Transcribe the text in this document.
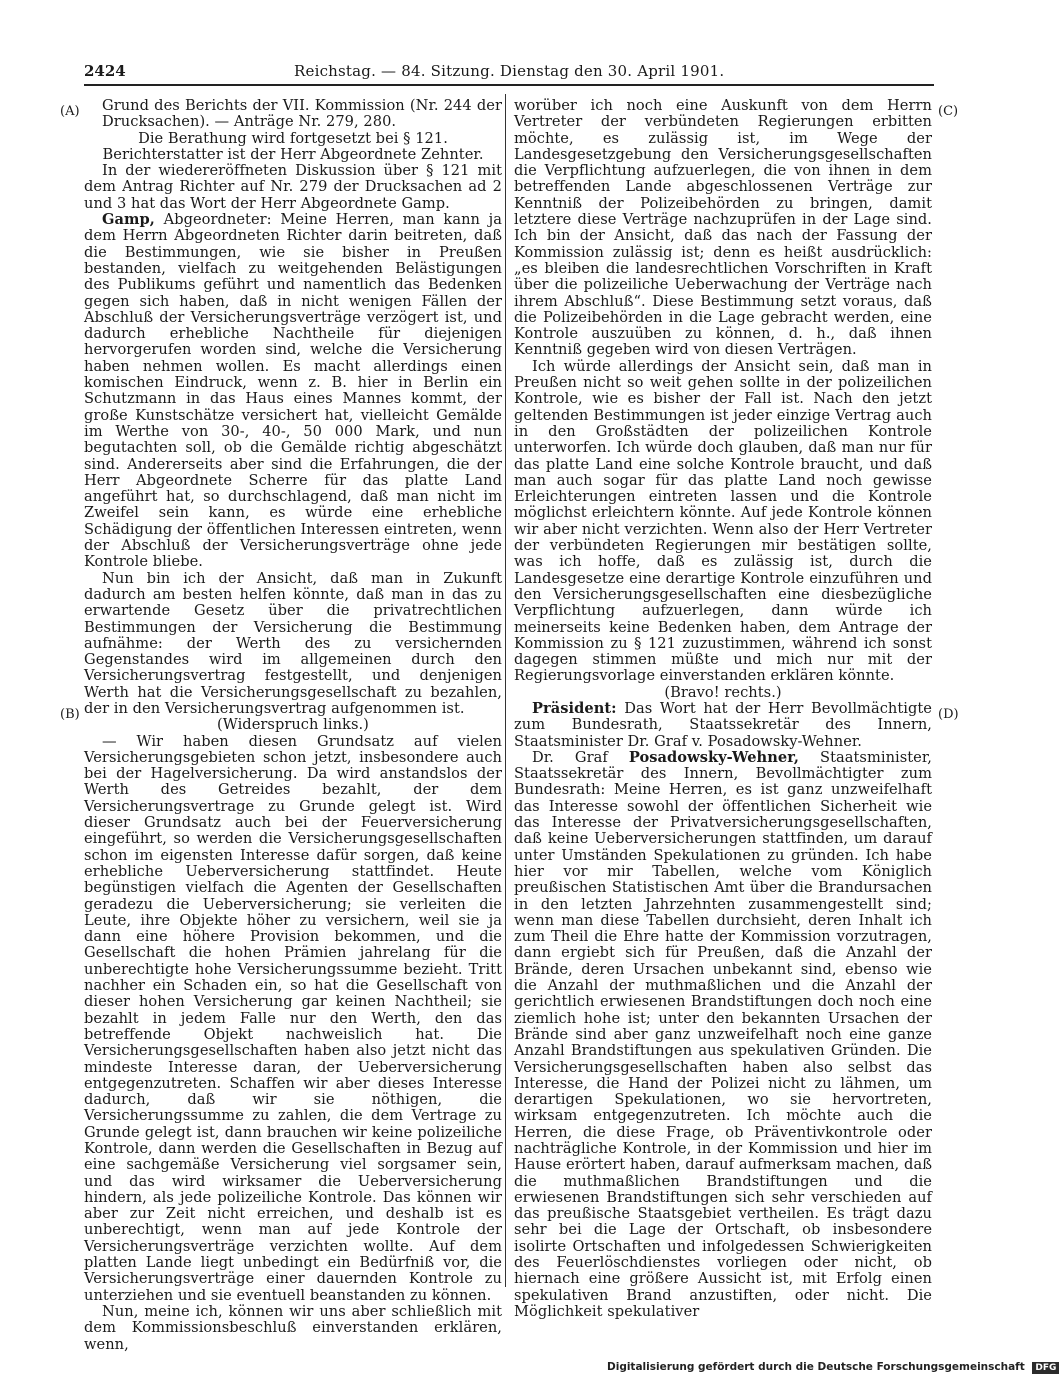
2424	Reichstag. — 84. Sitzung. Dienstag den 30. April 1901.
(A)
(B)
(C)
(D)

Grund des Berichts der VII. Kommission (Nr. 244 der Drucksachen). — Anträge Nr. 279, 280.

Die Berathung wird fortgesetzt bei § 121.

Berichterstatter ist der Herr Abgeordnete Zehnter.

In der wiedereröffneten Diskussion über § 121 mit dem Antrag Richter auf Nr. 279 der Drucksachen ad 2 und 3 hat das Wort der Herr Abgeordnete Gamp.

Gamp, Abgeordneter: Meine Herren, man kann ja dem Herrn Abgeordneten Richter darin beitreten, daß die Bestimmungen, wie sie bisher in Preußen bestanden, vielfach zu weitgehenden Belästigungen des Publikums geführt und namentlich das Bedenken gegen sich haben, daß in nicht wenigen Fällen der Abschluß der Versicherungsverträge verzögert ist, und dadurch erhebliche Nachtheile für diejenigen hervorgerufen worden sind, welche die Versicherung haben nehmen wollen. Es macht allerdings einen komischen Eindruck, wenn z. B. hier in Berlin ein Schutzmann in das Haus eines Mannes kommt, der große Kunstschätze versichert hat, vielleicht Gemälde im Werthe von 30-, 40-, 50 000 Mark, und nun begutachten soll, ob die Gemälde richtig abgeschätzt sind. Andererseits aber sind die Erfahrungen, die der Herr Abgeordnete Scherre für das platte Land angeführt hat, so durchschlagend, daß man nicht im Zweifel sein kann, es würde eine erhebliche Schädigung der öffentlichen Interessen eintreten, wenn der Abschluß der Versicherungsverträge ohne jede Kontrole bliebe.

Nun bin ich der Ansicht, daß man in Zukunft dadurch am besten helfen könnte, daß man in das zu erwartende Gesetz über die privatrechtlichen Bestimmungen der Versicherung die Bestimmung aufnähme: der Werth des zu versichernden Gegenstandes wird im allgemeinen durch den Versicherungsvertrag festgestellt, und denjenigen Werth hat die Versicherungsgesellschaft zu bezahlen, der in den Versicherungsvertrag aufgenommen ist.

(Widerspruch links.)

— Wir haben diesen Grundsatz auf vielen Versicherungsgebieten schon jetzt, insbesondere auch bei der Hagelversicherung. Da wird anstandslos der Werth des Getreides bezahlt, der dem Versicherungsvertrage zu Grunde gelegt ist. Wird dieser Grundsatz auch bei der Feuerversicherung eingeführt, so werden die Versicherungsgesellschaften schon im eigensten Interesse dafür sorgen, daß keine erhebliche Ueberversicherung stattfindet. Heute begünstigen vielfach die Agenten der Gesellschaften geradezu die Ueberversicherung; sie verleiten die Leute, ihre Objekte höher zu versichern, weil sie ja dann eine höhere Provision bekommen, und die Gesellschaft die hohen Prämien jahrelang für die unberechtigte hohe Versicherungssumme bezieht. Tritt nachher ein Schaden ein, so hat die Gesellschaft von dieser hohen Versicherung gar keinen Nachtheil; sie bezahlt in jedem Falle nur den Werth, den das betreffende Objekt nachweislich hat. Die Versicherungsgesellschaften haben also jetzt nicht das mindeste Interesse daran, der Ueberversicherung entgegenzutreten. Schaffen wir aber dieses Interesse dadurch, daß wir sie nöthigen, die Versicherungssumme zu zahlen, die dem Vertrage zu Grunde gelegt ist, dann brauchen wir keine polizeiliche Kontrole, dann werden die Gesellschaften in Bezug auf eine sachgemäße Versicherung viel sorgsamer sein, und das wird wirksamer die Ueberversicherung hindern, als jede polizeiliche Kontrole. Das können wir aber zur Zeit nicht erreichen, und deshalb ist es unberechtigt, wenn man auf jede Kontrole der Versicherungsverträge verzichten wollte. Auf dem platten Lande liegt unbedingt ein Bedürfniß vor, die Versicherungsverträge einer dauernden Kontrole zu unterziehen und sie eventuell beanstanden zu können.

Nun, meine ich, können wir uns aber schließlich mit dem Kommissionsbeschluß einverstanden erklären, wenn,

worüber ich noch eine Auskunft von dem Herrn Vertreter der verbündeten Regierungen erbitten möchte, es zulässig ist, im Wege der Landesgesetzgebung den Versicherungsgesellschaften die Verpflichtung aufzuerlegen, die von ihnen in dem betreffenden Lande abgeschlossenen Verträge zur Kenntniß der Polizeibehörden zu bringen, damit letztere diese Verträge nachzuprüfen in der Lage sind. Ich bin der Ansicht, daß das nach der Fassung der Kommission zulässig ist; denn es heißt ausdrücklich: „es bleiben die landesrechtlichen Vorschriften in Kraft über die polizeiliche Ueberwachung der Verträge nach ihrem Abschluß“. Diese Bestimmung setzt voraus, daß die Polizeibehörden in die Lage gebracht werden, eine Kontrole auszuüben zu können, d. h., daß ihnen Kenntniß gegeben wird von diesen Verträgen.

Ich würde allerdings der Ansicht sein, daß man in Preußen nicht so weit gehen sollte in der polizeilichen Kontrole, wie es bisher der Fall ist. Nach den jetzt geltenden Bestimmungen ist jeder einzige Vertrag auch in den Großstädten der polizeilichen Kontrole unterworfen. Ich würde doch glauben, daß man nur für das platte Land eine solche Kontrole braucht, und daß man auch sogar für das platte Land noch gewisse Erleichterungen eintreten lassen und die Kontrole möglichst erleichtern könnte. Auf jede Kontrole können wir aber nicht verzichten. Wenn also der Herr Vertreter der verbündeten Regierungen mir bestätigen sollte, was ich hoffe, daß es zulässig ist, durch die Landesgesetze eine derartige Kontrole einzuführen und den Versicherungsgesellschaften eine diesbezügliche Verpflichtung aufzuerlegen, dann würde ich meinerseits keine Bedenken haben, dem Antrage der Kommission zu § 121 zuzustimmen, während ich sonst dagegen stimmen müßte und mich nur mit der Regierungsvorlage einverstanden erklären könnte.

(Bravo! rechts.)

Präsident: Das Wort hat der Herr Bevollmächtigte zum Bundesrath, Staatssekretär des Innern, Staatsminister Dr. Graf v. Posadowsky-Wehner.

Dr. Graf Posadowsky-Wehner, Staatsminister, Staatssekretär des Innern, Bevollmächtigter zum Bundesrath: Meine Herren, es ist ganz unzweifelhaft das Interesse sowohl der öffentlichen Sicherheit wie das Interesse der Privatversicherungsgesellschaften, daß keine Ueberversicherungen stattfinden, um darauf unter Umständen Spekulationen zu gründen. Ich habe hier vor mir Tabellen, welche vom Königlich preußischen Statistischen Amt über die Brandursachen in den letzten Jahrzehnten zusammengestellt sind; wenn man diese Tabellen durchsieht, deren Inhalt ich zum Theil die Ehre hatte der Kommission vorzutragen, dann ergiebt sich für Preußen, daß die Anzahl der Brände, deren Ursachen unbekannt sind, ebenso wie die Anzahl der muthmaßlichen und die Anzahl der gerichtlich erwiesenen Brandstiftungen doch noch eine ziemlich hohe ist; unter den bekannten Ursachen der Brände sind aber ganz unzweifelhaft noch eine ganze Anzahl Brandstiftungen aus spekulativen Gründen. Die Versicherungsgesellschaften haben also selbst das Interesse, die Hand der Polizei nicht zu lähmen, um derartigen Spekulationen, wo sie hervortreten, wirksam entgegenzutreten. Ich möchte auch die Herren, die diese Frage, ob Präventivkontrole oder nachträgliche Kontrole, in der Kommission und hier im Hause erörtert haben, darauf aufmerksam machen, daß die muthmaßlichen Brandstiftungen und die erwiesenen Brandstiftungen sich sehr verschieden auf das preußische Staatsgebiet vertheilen. Es trägt dazu sehr bei die Lage der Ortschaft, ob insbesondere isolirte Ortschaften und infolgedessen Schwierigkeiten des Feuerlöschdienstes vorliegen oder nicht, ob hiernach eine größere Aussicht ist, mit Erfolg einen spekulativen Brand anzustiften, oder nicht. Die Möglichkeit spekulativer

Digitalisierung gefördert durch die Deutsche Forschungsgemeinschaft DFG
